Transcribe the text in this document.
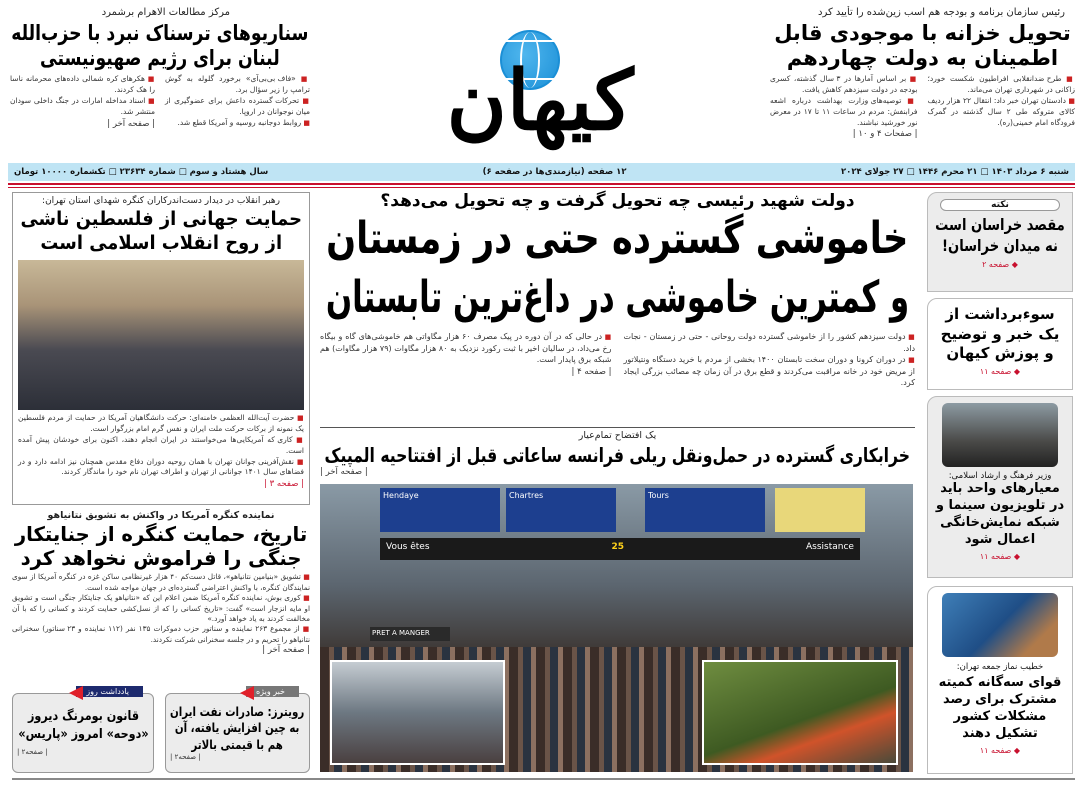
مرکز مطالعات الاهرام برشمرد
سناریوهای ترسناک نبرد با حزب‌الله لبنان برای رژیم صهیونیستی

■ «فاف بی‌بی‌آی» برخورد گلوله به گوش ترامپ را زیر سؤال برد.

■ تحرکات گسترده داعش برای عضوگیری از میان نوجوانان در اروپا.

■ روابط دوجانبه روسیه و آمریکا قطع شد.

■ هکرهای کره شمالی داده‌های محرمانه ناسا را هک کردند.

■ اسناد مداخله امارات در جنگ داخلی سودان منتشر شد.

| صفحه آخر |	کیهان
رئیس سازمان برنامه و بودجه هم اسب زین‌شده را تأیید کرد
تحویل خزانه با موجودی قابل اطمینان به دولت چهاردهم

■ طرح ضدانقلابی افراطیون شکست خورد؛ زاکانی در شهرداری تهران می‌ماند.

■ دادستان تهران خبر داد: انتقال ۲۲ هزار ردیف کالای متروکه طی ۲ سال گذشته در گمرک فرودگاه امام خمینی(ره).

■ بر اساس آمارها در ۳ سال گذشته، کسری بودجه در دولت سیزدهم کاهش یافت.

■ توصیه‌های وزارت بهداشت درباره اشعه فرابنفش: مردم در ساعات ۱۱ تا ۱۷ در معرض نور خورشید نباشند.

| صفحات ۴ و ۱۰ |
شنبه ۶ مرداد ۱۴۰۳ □ ۲۱ محرم ۱۴۴۶ □ ۲۷ جولای ۲۰۲۴
۱۲ صفحه (نیازمندی‌ها در صفحه ۶)
سال هشتاد و سوم □ شماره ۲۳۶۳۴ □ تکشماره ۱۰۰۰۰ تومان
دولت شهید رئیسی چه تحویل گرفت و چه تحویل می‌دهد؟
خاموشی گسترده حتی در زمستان
و کمترین خاموشی در داغ‌ترین تابستان

■ دولت سیزدهم کشور را از خاموشی گسترده دولت روحانی - حتی در زمستان - نجات داد.

■ در دوران کرونا و دوران سخت تابستان ۱۴۰۰ بخشی از مردم با خرید دستگاه ونتیلاتور از مریض خود در خانه مراقبت می‌کردند و قطع برق در آن زمان چه مصائب بزرگی ایجاد کرد.

■ در حالی که در آن دوره در پیک مصرف ۶۰ هزار مگاواتی هم خاموشی‌های گاه و بیگاه رخ می‌داد، در سالیان اخیر با ثبت رکورد نزدیک به ۸۰ هزار مگاوات (۷۹ هزار مگاوات) هم شبکه برق پایدار است.

| صفحه ۴ |
یک افتضاح تمام‌عیار
خرابکاری گسترده در حمل‌ونقل ریلی فرانسه ساعاتی قبل از افتتاحیه المپیک
| صفحه آخر |
Hendaye	Chartres	Tours
Vous êtes	25	Assistance
PRET A MANGER
رهبر انقلاب در دیدار دست‌اندرکاران کنگره شهدای استان تهران:
حمایت جهانی از فلسطین ناشی از روح انقلاب اسلامی است

■ حضرت آیت‌الله العظمی خامنه‌ای: حرکت دانشگاهیان آمریکا در حمایت از مردم فلسطین یک نمونه از برکات حرکت ملت ایران و نفس گرم امام بزرگوار است.

■ کاری که آمریکایی‌ها می‌خواستند در ایران انجام دهند، اکنون برای خودشان پیش آمده است.

■ نقش‌آفرینی جوانان تهران با همان روحیه دوران دفاع مقدس همچنان نیز ادامه دارد و در فضاهای سال ۱۴۰۱ جوانانی از تهران و اطراف تهران نام خود را ماندگار کردند.

| صفحه ۳ |
نماینده کنگره آمریکا در واکنش به تشویق نتانیاهو
تاریخ، حمایت کنگره از جنایتکار جنگی را فراموش نخواهد کرد

■ تشویق «بنیامین نتانیاهو»، قاتل دست‌کم ۴۰ هزار غیرنظامی ساکن غزه در کنگره آمریکا از سوی نمایندگان کنگره، با واکنش اعتراضی گسترده‌ای در جهان مواجه شده است.

■ کوری بوش، نماینده کنگره آمریکا ضمن اعلام این که «نتانیاهو یک جنایتکار جنگی است و تشویق او مایه انزجار است» گفت: «تاریخ کسانی را که از نسل‌کشی حمایت کردند و کسانی را که با آن مخالفت کردند به یاد خواهد آورد.»

■ از مجموع ۲۶۳ نماینده و سناتور حزب دموکرات ۱۳۵ نفر (۱۱۲ نماینده و ۲۳ سناتور) سخنرانی نتانیاهو را تحریم و در جلسه سخنرانی شرکت نکردند.

| صفحه آخر |
خبر ویژه
رویترز: صادرات نفت ایران به چین افزایش یافته، آن هم با قیمتی بالاتر
| صفحه۲ |
یادداشت روز
قانون بومرنگ دیروز «دوحه» امروز «پاریس»
| صفحه۲ |
نکته
مقصد خراسان است نه میدان خراسان!
◆ صفحه ۲
سوء‌برداشت از یک خبر و توضیح و پوزش کیهان
◆ صفحه ۱۱
وزیر فرهنگ و ارشاد اسلامی:
معیارهای واحد باید در تلویزیون سینما و شبکه نمایش‌خانگی اعمال شود
◆ صفحه ۱۱
خطیب نماز جمعه تهران:
قوای سه‌گانه کمیته مشترک برای رصد مشکلات کشور تشکیل دهند
◆ صفحه ۱۱
